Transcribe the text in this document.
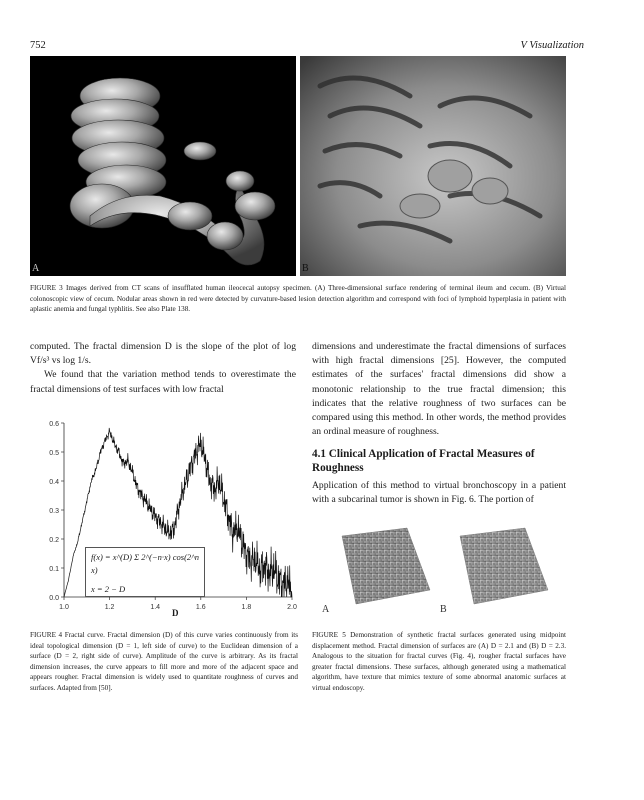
752	V Visualization
A	B
FIGURE 3 Images derived from CT scans of insufflated human ileocecal autopsy specimen. (A) Three-dimensional surface rendering of terminal ileum and cecum. (B) Virtual colonoscopic view of cecum. Nodular areas shown in red were detected by curvature-based lesion detection algorithm and correspond with foci of lymphoid hyperplasia in patient with aplastic anemia and fungal typhlitis. See also Plate 138.

computed. The fractal dimension D is the slope of the plot of log Vf/s³ vs log 1/s.

We found that the variation method tends to overestimate the fractal dimensions of test surfaces with low fractal

dimensions and underestimate the fractal dimensions of surfaces with high fractal dimensions [25]. However, the computed estimates of the surfaces' fractal dimensions did show a monotonic relationship to the true fractal dimension; this indicates that the relative roughness of two surfaces can be compared using this method. In other words, the method provides an ordinal measure of roughness.

4.1 Clinical Application of Fractal Measures of Roughness

Application of this method to virtual bronchoscopy in a patient with a subcarinal tumor is shown in Fig. 6. The portion of

0.0
0.1
0.2
0.3
0.4
0.5
0.6
1.0	1.2	1.4	1.6	1.8	2.0
f(x) = x^(D) Σ 2^(−n·x) cos(2^n x)
x = 2 − D
D
FIGURE 4 Fractal curve. Fractal dimension (D) of this curve varies continuously from its ideal topological dimension (D = 1, left side of curve) to the Euclidean dimension of a surface (D = 2, right side of curve). Amplitude of the curve is arbitrary. As its fractal dimension increases, the curve appears to fill more and more of the adjacent space and appears rougher. Fractal dimension is widely used to quantitate roughness of curves and surfaces. Adapted from [50].
A	B
FIGURE 5 Demonstration of synthetic fractal surfaces generated using midpoint displacement method. Fractal dimension of surfaces are (A) D = 2.1 and (B) D = 2.3. Analogous to the situation for fractal curves (Fig. 4), rougher fractal surfaces have greater fractal dimensions. These surfaces, although generated using a mathematical algorithm, have texture that mimics texture of some abnormal anatomic surfaces at virtual endoscopy.
